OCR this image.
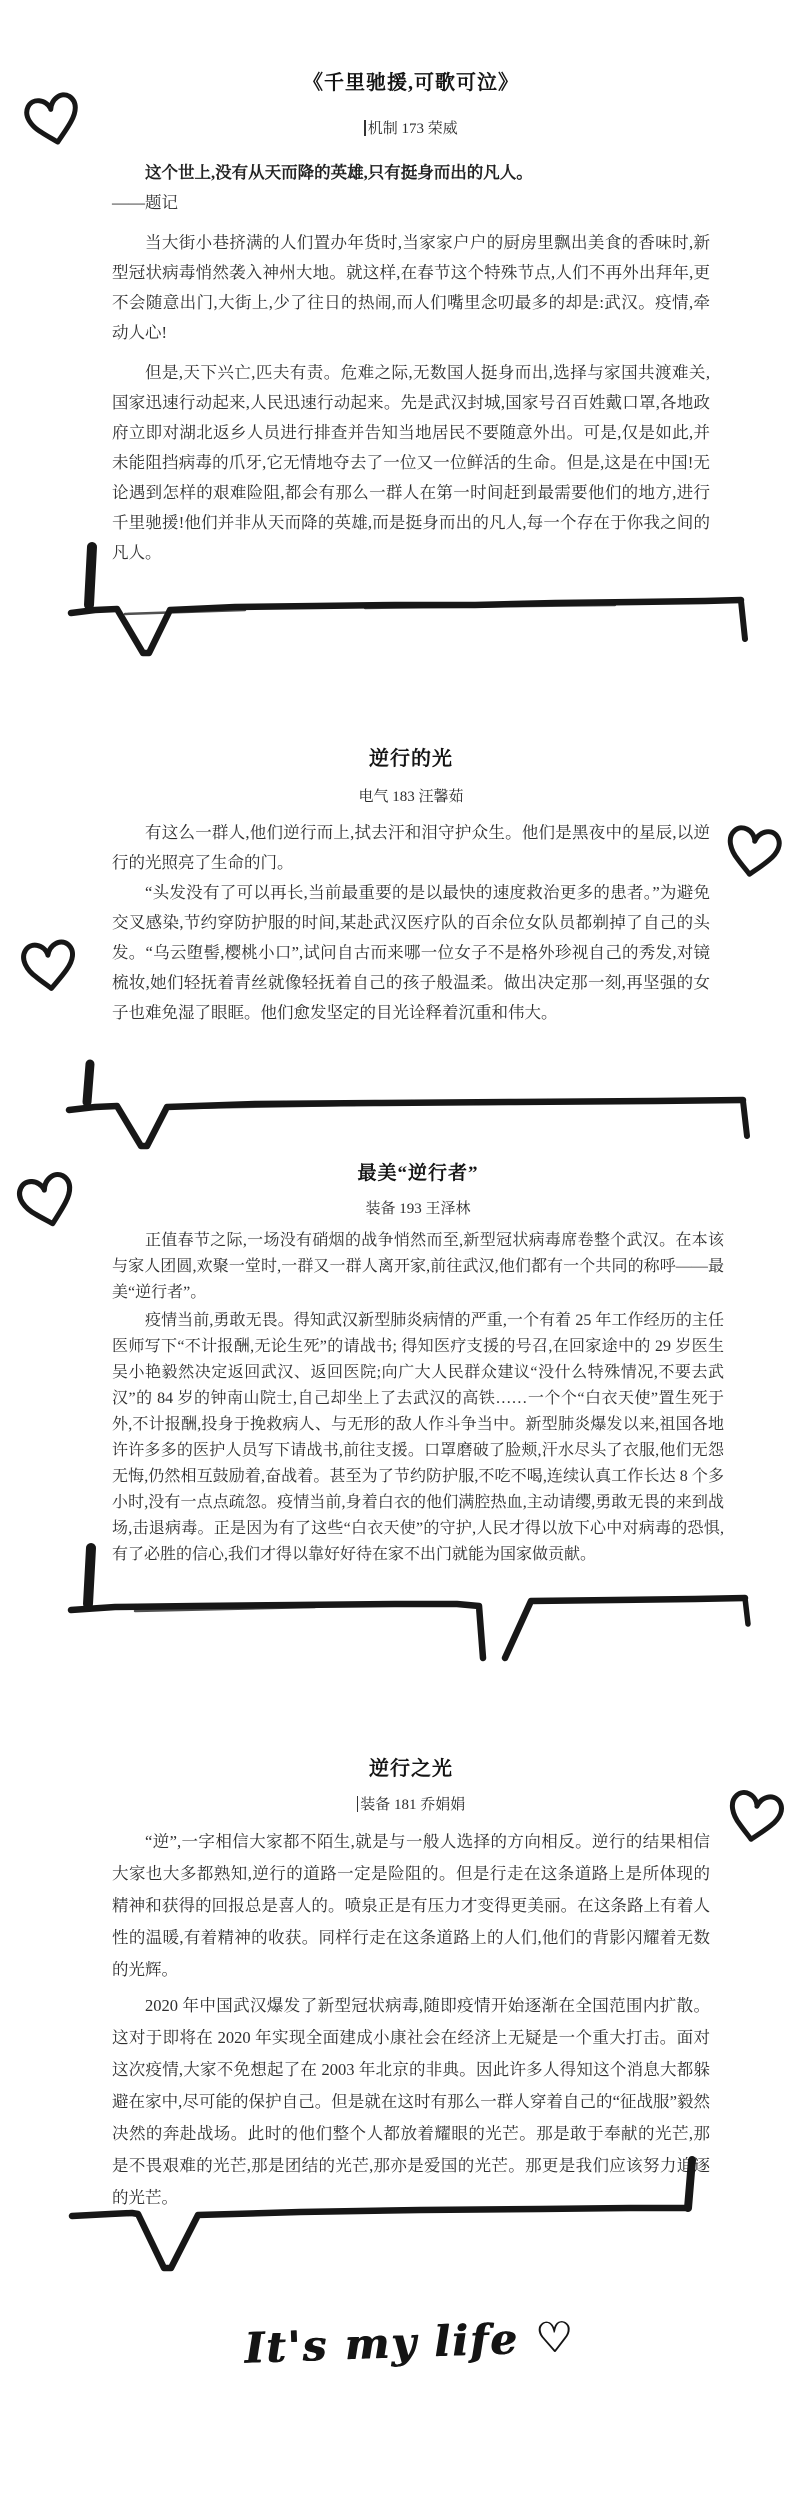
《千里驰援,可歌可泣》
机制 173 荣威

这个世上,没有从天而降的英雄,只有挺身而出的凡人。

——题记

当大街小巷挤满的人们置办年货时,当家家户户的厨房里飘出美食的香味时,新型冠状病毒悄然袭入神州大地。就这样,在春节这个特殊节点,人们不再外出拜年,更不会随意出门,大街上,少了往日的热闹,而人们嘴里念叨最多的却是:武汉。疫情,牵动人心!

但是,天下兴亡,匹夫有责。危难之际,无数国人挺身而出,选择与家国共渡难关,国家迅速行动起来,人民迅速行动起来。先是武汉封城,国家号召百姓戴口罩,各地政府立即对湖北返乡人员进行排查并告知当地居民不要随意外出。可是,仅是如此,并未能阻挡病毒的爪牙,它无情地夺去了一位又一位鲜活的生命。但是,这是在中国!无论遇到怎样的艰难险阻,都会有那么一群人在第一时间赶到最需要他们的地方,进行千里驰援!他们并非从天而降的英雄,而是挺身而出的凡人,每一个存在于你我之间的凡人。

逆行的光
电气 183 汪馨茹

有这么一群人,他们逆行而上,拭去汗和泪守护众生。他们是黑夜中的星辰,以逆行的光照亮了生命的门。

“头发没有了可以再长,当前最重要的是以最快的速度救治更多的患者。”为避免交叉感染,节约穿防护服的时间,某赴武汉医疗队的百余位女队员都剃掉了自己的头发。“乌云堕髻,樱桃小口”,试问自古而来哪一位女子不是格外珍视自己的秀发,对镜梳妆,她们轻抚着青丝就像轻抚着自己的孩子般温柔。做出决定那一刻,再坚强的女子也难免湿了眼眶。他们愈发坚定的目光诠释着沉重和伟大。

最美“逆行者”
装备 193 王泽林

正值春节之际,一场没有硝烟的战争悄然而至,新型冠状病毒席卷整个武汉。在本该与家人团圆,欢聚一堂时,一群又一群人离开家,前往武汉,他们都有一个共同的称呼——最美“逆行者”。

疫情当前,勇敢无畏。得知武汉新型肺炎病情的严重,一个有着 25 年工作经历的主任医师写下“不计报酬,无论生死”的请战书; 得知医疗支援的号召,在回家途中的 29 岁医生吴小艳毅然决定返回武汉、返回医院;向广大人民群众建议“没什么特殊情况,不要去武汉”的 84 岁的钟南山院士,自己却坐上了去武汉的高铁……一个个“白衣天使”置生死于外,不计报酬,投身于挽救病人、与无形的敌人作斗争当中。新型肺炎爆发以来,祖国各地许许多多的医护人员写下请战书,前往支援。口罩磨破了脸颊,汗水尽头了衣服,他们无怨无悔,仍然相互鼓励着,奋战着。甚至为了节约防护服,不吃不喝,连续认真工作长达 8 个多小时,没有一点点疏忽。疫情当前,身着白衣的他们满腔热血,主动请缨,勇敢无畏的来到战场,击退病毒。正是因为有了这些“白衣天使”的守护,人民才得以放下心中对病毒的恐惧,有了必胜的信心,我们才得以靠好好待在家不出门就能为国家做贡献。

逆行之光
装备 181 乔娟娟

“逆”,一字相信大家都不陌生,就是与一般人选择的方向相反。逆行的结果相信大家也大多都熟知,逆行的道路一定是险阻的。但是行走在这条道路上是所体现的精神和获得的回报总是喜人的。喷泉正是有压力才变得更美丽。在这条路上有着人性的温暖,有着精神的收获。同样行走在这条道路上的人们,他们的背影闪耀着无数的光辉。

2020 年中国武汉爆发了新型冠状病毒,随即疫情开始逐渐在全国范围内扩散。这对于即将在 2020 年实现全面建成小康社会在经济上无疑是一个重大打击。面对这次疫情,大家不免想起了在 2003 年北京的非典。因此许多人得知这个消息大都躲避在家中,尽可能的保护自己。但是就在这时有那么一群人穿着自己的“征战服”毅然决然的奔赴战场。此时的他们整个人都放着耀眼的光芒。那是敢于奉献的光芒,那是不畏艰难的光芒,那是团结的光芒,那亦是爱国的光芒。那更是我们应该努力追逐的光芒。

It's my life ♡
